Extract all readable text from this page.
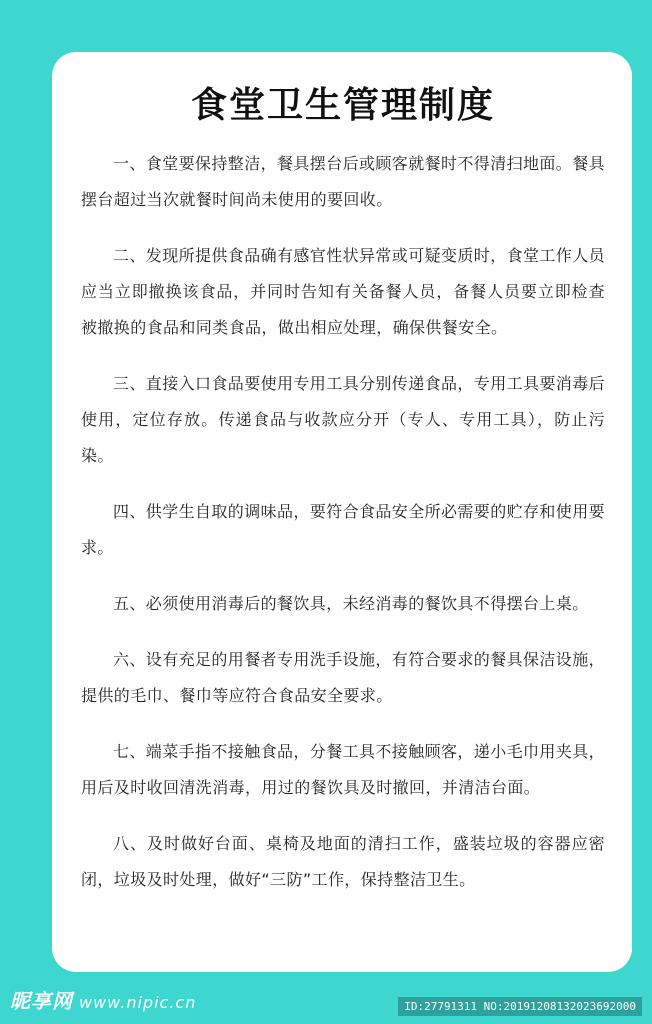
食堂卫生管理制度

一、食堂要保持整洁，餐具摆台后或顾客就餐时不得清扫地面。餐具摆台超过当次就餐时间尚未使用的要回收。

二、发现所提供食品确有感官性状异常或可疑变质时，食堂工作人员应当立即撤换该食品，并同时告知有关备餐人员，备餐人员要立即检查被撤换的食品和同类食品，做出相应处理，确保供餐安全。

三、直接入口食品要使用专用工具分别传递食品，专用工具要消毒后使用，定位存放。传递食品与收款应分开（专人、专用工具），防止污染。

四、供学生自取的调味品，要符合食品安全所必需要的贮存和使用要求。

五、必须使用消毒后的餐饮具，未经消毒的餐饮具不得摆台上桌。

六、设有充足的用餐者专用洗手设施，有符合要求的餐具保洁设施，提供的毛巾、餐巾等应符合食品安全要求。

七、端菜手指不接触食品，分餐工具不接触顾客，递小毛巾用夹具，用后及时收回清洗消毒，用过的餐饮具及时撤回，并清洁台面。

八、及时做好台面、桌椅及地面的清扫工作，盛装垃圾的容器应密闭，垃圾及时处理，做好“三防”工作，保持整洁卫生。

昵享网 www.nipic.cn	ID:27791311 NO:20191208132023692000
